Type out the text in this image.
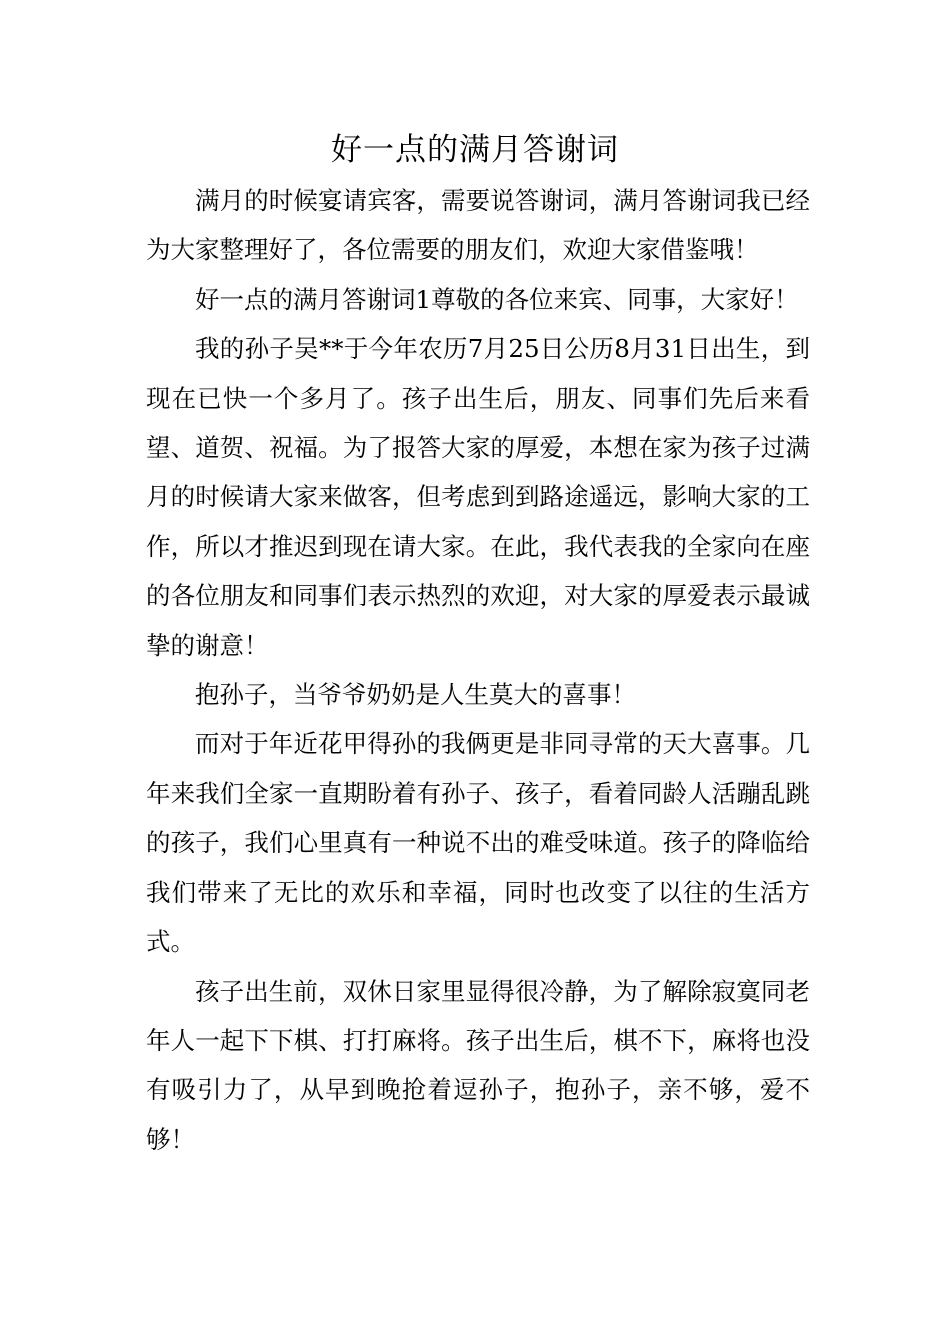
好一点的满月答谢词

满月的时候宴请宾客，需要说答谢词，满月答谢词我已经为大家整理好了，各位需要的朋友们，欢迎大家借鉴哦！

好一点的满月答谢词1尊敬的各位来宾、同事，大家好！

我的孙子吴**于今年农历7月25日公历8月31日出生，到现在已快一个多月了。孩子出生后，朋友、同事们先后来看望、道贺、祝福。为了报答大家的厚爱，本想在家为孩子过满月的时候请大家来做客，但考虑到到路途遥远，影响大家的工作，所以才推迟到现在请大家。在此，我代表我的全家向在座的各位朋友和同事们表示热烈的欢迎，对大家的厚爱表示最诚挚的谢意！

抱孙子，当爷爷奶奶是人生莫大的喜事！

而对于年近花甲得孙的我俩更是非同寻常的天大喜事。几年来我们全家一直期盼着有孙子、孩子，看着同龄人活蹦乱跳的孩子，我们心里真有一种说不出的难受味道。孩子的降临给我们带来了无比的欢乐和幸福，同时也改变了以往的生活方式。

孩子出生前，双休日家里显得很冷静，为了解除寂寞同老年人一起下下棋、打打麻将。孩子出生后，棋不下，麻将也没有吸引力了，从早到晚抢着逗孙子，抱孙子，亲不够，爱不够！
